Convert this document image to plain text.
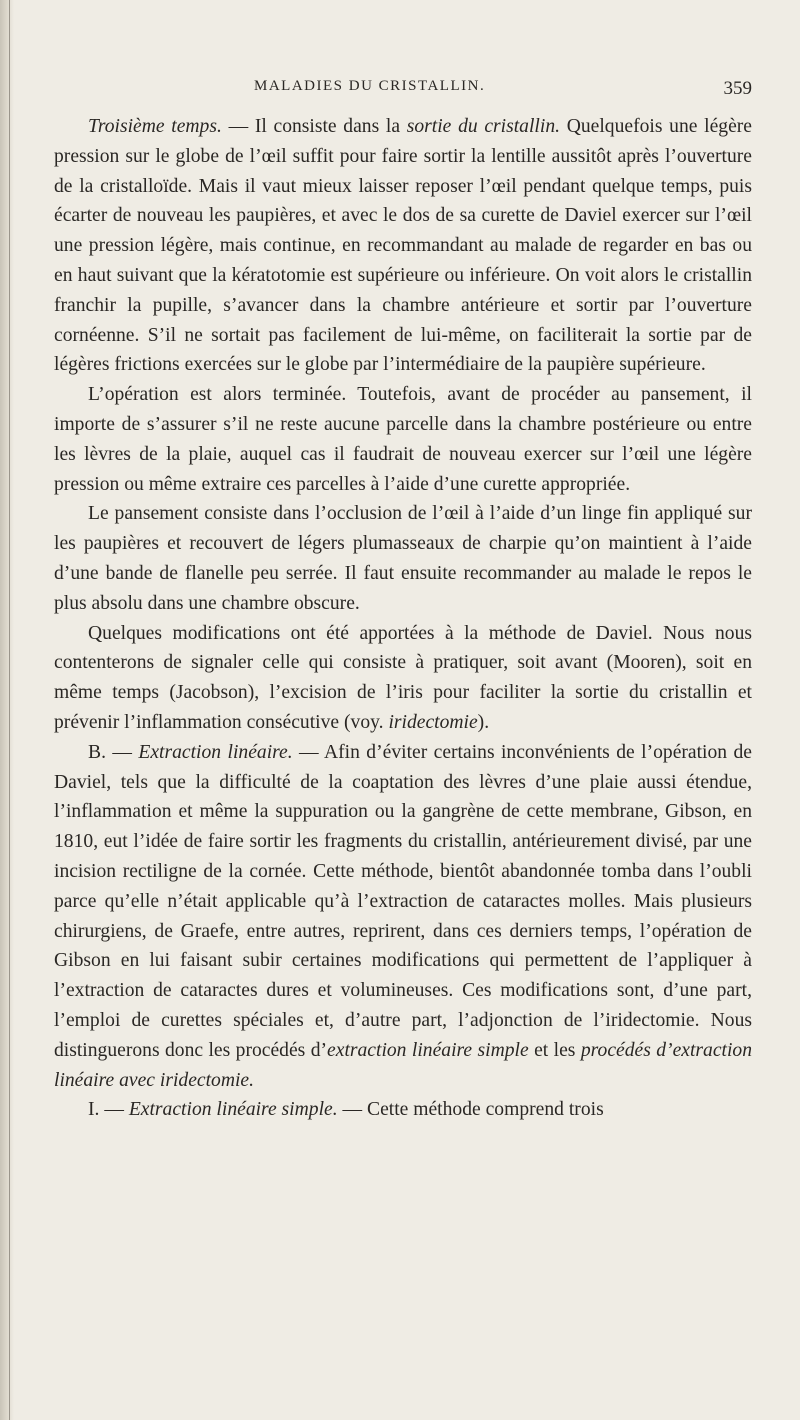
MALADIES DU CRISTALLIN.	359

Troisième temps. — Il consiste dans la sortie du cristallin. Quelquefois une légère pression sur le globe de l’œil suffit pour faire sortir la lentille aussitôt après l’ouverture de la cristalloïde. Mais il vaut mieux laisser reposer l’œil pendant quelque temps, puis écarter de nouveau les paupières, et avec le dos de sa curette de Daviel exercer sur l’œil une pression légère, mais continue, en recommandant au malade de regarder en bas ou en haut suivant que la kératotomie est supérieure ou inférieure. On voit alors le cristallin franchir la pupille, s’avancer dans la chambre antérieure et sortir par l’ouverture cornéenne. S’il ne sortait pas facilement de lui-même, on faciliterait la sortie par de légères frictions exercées sur le globe par l’intermédiaire de la paupière supérieure.

L’opération est alors terminée. Toutefois, avant de procéder au pansement, il importe de s’assurer s’il ne reste aucune parcelle dans la chambre postérieure ou entre les lèvres de la plaie, auquel cas il faudrait de nouveau exercer sur l’œil une légère pression ou même extraire ces parcelles à l’aide d’une curette appropriée.

Le pansement consiste dans l’occlusion de l’œil à l’aide d’un linge fin appliqué sur les paupières et recouvert de légers plumasseaux de charpie qu’on maintient à l’aide d’une bande de flanelle peu serrée. Il faut ensuite recommander au malade le repos le plus absolu dans une chambre obscure.

Quelques modifications ont été apportées à la méthode de Daviel. Nous nous contenterons de signaler celle qui consiste à pratiquer, soit avant (Mooren), soit en même temps (Jacobson), l’excision de l’iris pour faciliter la sortie du cristallin et prévenir l’inflammation consécutive (voy. iridectomie).

B. — Extraction linéaire. — Afin d’éviter certains inconvénients de l’opération de Daviel, tels que la difficulté de la coaptation des lèvres d’une plaie aussi étendue, l’inflammation et même la suppuration ou la gangrène de cette membrane, Gibson, en 1810, eut l’idée de faire sortir les fragments du cristallin, antérieurement divisé, par une incision rectiligne de la cornée. Cette méthode, bientôt abandonnée tomba dans l’oubli parce qu’elle n’était applicable qu’à l’extraction de cataractes molles. Mais plusieurs chirurgiens, de Graefe, entre autres, reprirent, dans ces derniers temps, l’opération de Gibson en lui faisant subir certaines modifications qui permettent de l’appliquer à l’extraction de cataractes dures et volumineuses. Ces modifications sont, d’une part, l’emploi de curettes spéciales et, d’autre part, l’adjonction de l’iridectomie. Nous distinguerons donc les procédés d’extraction linéaire simple et les procédés d’extraction linéaire avec iridectomie.

I. — Extraction linéaire simple. — Cette méthode comprend trois
